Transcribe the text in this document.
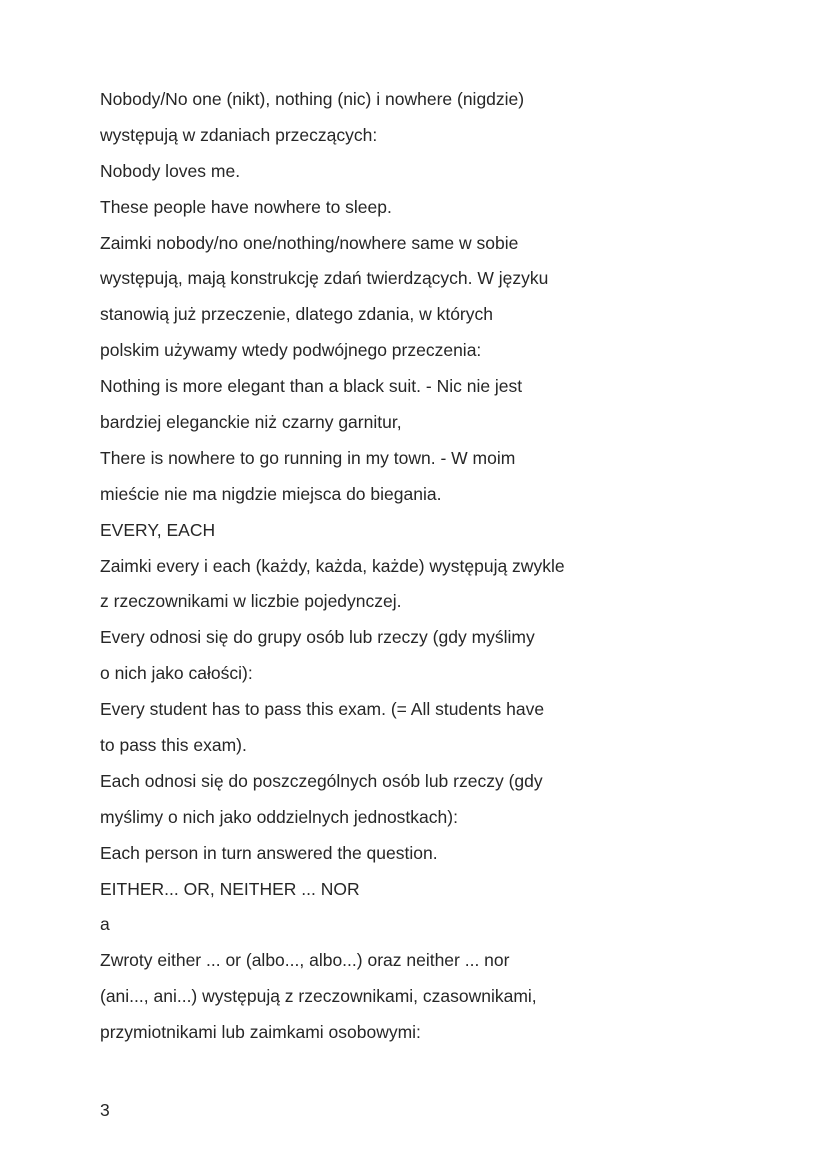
Nobody/No one (nikt), nothing (nic) i nowhere (nigdzie)
występują w zdaniach przeczących:
Nobody loves me.
These people have nowhere to sleep.
Zaimki nobody/no one/nothing/nowhere same w sobie
występują, mają konstrukcję zdań twierdzących. W języku
stanowią już przeczenie, dlatego zdania, w których
polskim używamy wtedy podwójnego przeczenia:
Nothing is more elegant than a black suit. - Nic nie jest
bardziej eleganckie niż czarny garnitur,
There is nowhere to go running in my town. - W moim
mieście nie ma nigdzie miejsca do biegania.
EVERY, EACH
Zaimki every i each (każdy, każda, każde) występują zwykle
z rzeczownikami w liczbie pojedynczej.
Every odnosi się do grupy osób lub rzeczy (gdy myślimy
o nich jako całości):
Every student has to pass this exam. (= All students have
to pass this exam).
Each odnosi się do poszczególnych osób lub rzeczy (gdy
myślimy o nich jako oddzielnych jednostkach):
Each person in turn answered the question.
EITHER... OR, NEITHER ... NOR
a
Zwroty either ... or (albo..., albo...) oraz neither ... nor
(ani..., ani...) występują z rzeczownikami, czasownikami,
przymiotnikami lub zaimkami osobowymi:
3
